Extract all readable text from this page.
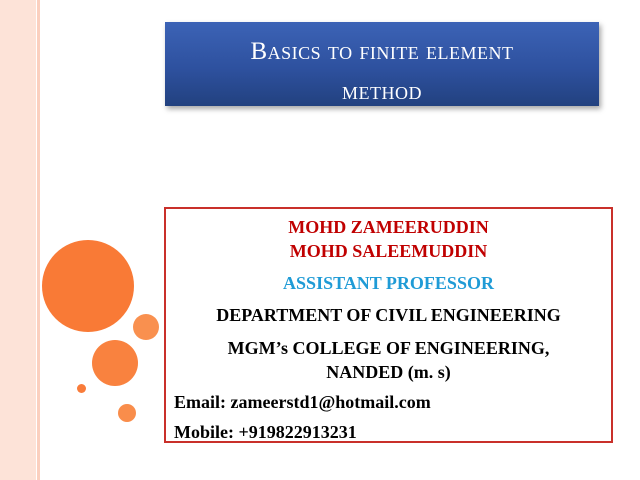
Basics to finite element
method
MOHD ZAMEERUDDIN
MOHD SALEEMUDDIN
ASSISTANT PROFESSOR
DEPARTMENT OF CIVIL ENGINEERING
MGM’s COLLEGE OF ENGINEERING,
NANDED (m. s)
Email: zameerstd1@hotmail.com
Mobile: +919822913231
